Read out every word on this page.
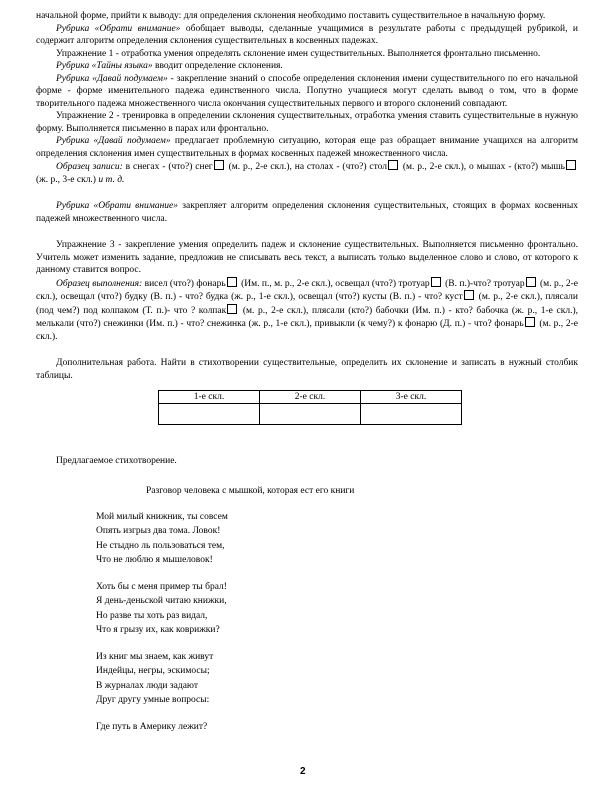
начальной форме, прийти к выводу: для определения склонения необходимо поставить существительное в начальную форму.

Рубрика «Обрати внимание» обобщает выводы, сделанные учащимися в результате работы с предыдущей рубрикой, и содержит алгоритм определения склонения существительных в косвенных падежах.

Упражнение 1 - отработка умения определять склонение имен существительных. Выполняется фронтально письменно.

Рубрика «Тайны языка» вводит определение склонения.

Рубрика «Давай подумаем» - закрепление знаний о способе определения склонения имени существительного по его начальной форме - форме именительного падежа единственного числа. Попутно учащиеся могут сделать вывод о том, что в форме творительного падежа множественного числа окончания существительных первого и второго склонений совпадают.

Упражнение 2 - тренировка в определении склонения существительных, отработка умения ставить существительные в нужную форму. Выполняется письменно в парах или фронтально.

Рубрика «Давай подумаем» предлагает проблемную ситуацию, которая еще раз обращает внимание учащихся на алгоритм определения склонения имен существительных в формах косвенных падежей множественного числа.

Образец записи: в снегах - (что?) снег (м. р., 2-е скл.), на столах - (что?) стол (м. р., 2-е скл.), о мышах - (кто?) мышь (ж. р., 3-е скл.) и т. д.

Рубрика «Обрати внимание» закрепляет алгоритм определения склонения существительных, стоящих в формах косвенных падежей множественного числа.

Упражнение 3 - закрепление умения определить падеж и склонение существительных. Выполняется письменно фронтально. Учитель может изменить задание, предложив не списывать весь текст, а выписать только выделенное слово и слово, от которого к данному ставится вопрос.

Образец выполнения: висел (что?) фонарь (Им. п., м. р., 2-е скл.), освещал (что?) тротуар (В. п.)-что? тротуар (м. р., 2-е скл.), освещал (что?) будку (В. п.) - что? будка (ж. р., 1-е скл.), освещал (что?) кусты (В. п.) - что? куст (м. р., 2-е скл.), плясали (под чем?) под колпаком (Т. п.)- что ? колпак (м. р., 2-е скл.), плясали (кто?) бабочки (Им. п.) - кто? бабочка (ж. р., 1-е скл.), мелькали (что?) снежинки (Им. п.) - что? снежинка (ж. р., 1-е скл.), привыкли (к чему?) к фонарю (Д. п.) - что? фонарь (м. р., 2-е скл.).

Дополнительная работа. Найти в стихотворении существительные, определить их склонение и записать в нужный столбик таблицы.

1-е скл.	2-е скл.	3-е скл.

Предлагаемое стихотворение.

Разговор человека с мышкой, которая ест его книги
Мой милый книжник, ты совсем
Опять изгрыз два тома. Ловок!
Не стыдно ль пользоваться тем,
Что не люблю я мышеловок!
Хоть бы с меня пример ты брал!
Я день-деньской читаю книжки,
Но разве ты хоть раз видал,
Что я грызу их, как коврижки?
Из книг мы знаем, как живут
Индейцы, негры, эскимосы;
В журналах люди задают
Друг другу умные вопросы:
Где путь в Америку лежит?
2
